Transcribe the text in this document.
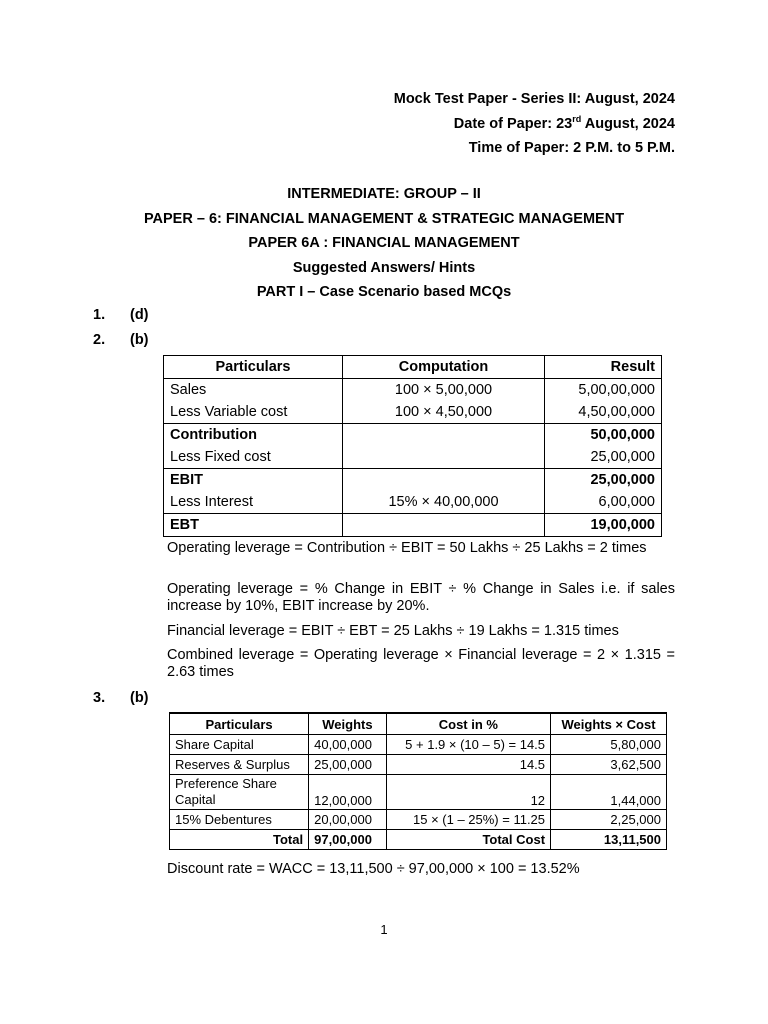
Mock Test Paper - Series II: August, 2024
Date of Paper: 23rd August, 2024
Time of Paper: 2 P.M. to 5 P.M.
INTERMEDIATE: GROUP – II
PAPER – 6: FINANCIAL MANAGEMENT & STRATEGIC MANAGEMENT
PAPER 6A : FINANCIAL MANAGEMENT
Suggested Answers/ Hints
PART I – Case Scenario based MCQs
1. (d)
2. (b)
Particulars	Computation	Result
Sales	100 × 5,00,000	5,00,00,000
Less Variable cost	100 × 4,50,000	4,50,00,000
Contribution		50,00,000
Less Fixed cost		25,00,000
EBIT		25,00,000
Less Interest	15% × 40,00,000	6,00,000
EBT		19,00,000
Operating leverage = Contribution ÷ EBIT = 50 Lakhs ÷ 25 Lakhs = 2 times
Operating leverage = % Change in EBIT ÷ % Change in Sales i.e. if sales increase by 10%, EBIT increase by 20%.
Financial leverage = EBIT ÷ EBT = 25 Lakhs ÷ 19 Lakhs = 1.315 times
Combined leverage = Operating leverage × Financial leverage = 2 × 1.315 = 2.63 times
3. (b)
Particulars	Weights	Cost in %	Weights × Cost
Share Capital	40,00,000	5 + 1.9 × (10 – 5) = 14.5	5,80,000
Reserves & Surplus	25,00,000	14.5	3,62,500

Preference Share
Capital	12,00,000	12	1,44,000
15% Debentures	20,00,000	15 × (1 – 25%) = 11.25	2,25,000
Total	97,00,000	Total Cost	13,11,500
Discount rate = WACC = 13,11,500 ÷ 97,00,000 × 100 = 13.52%
1
